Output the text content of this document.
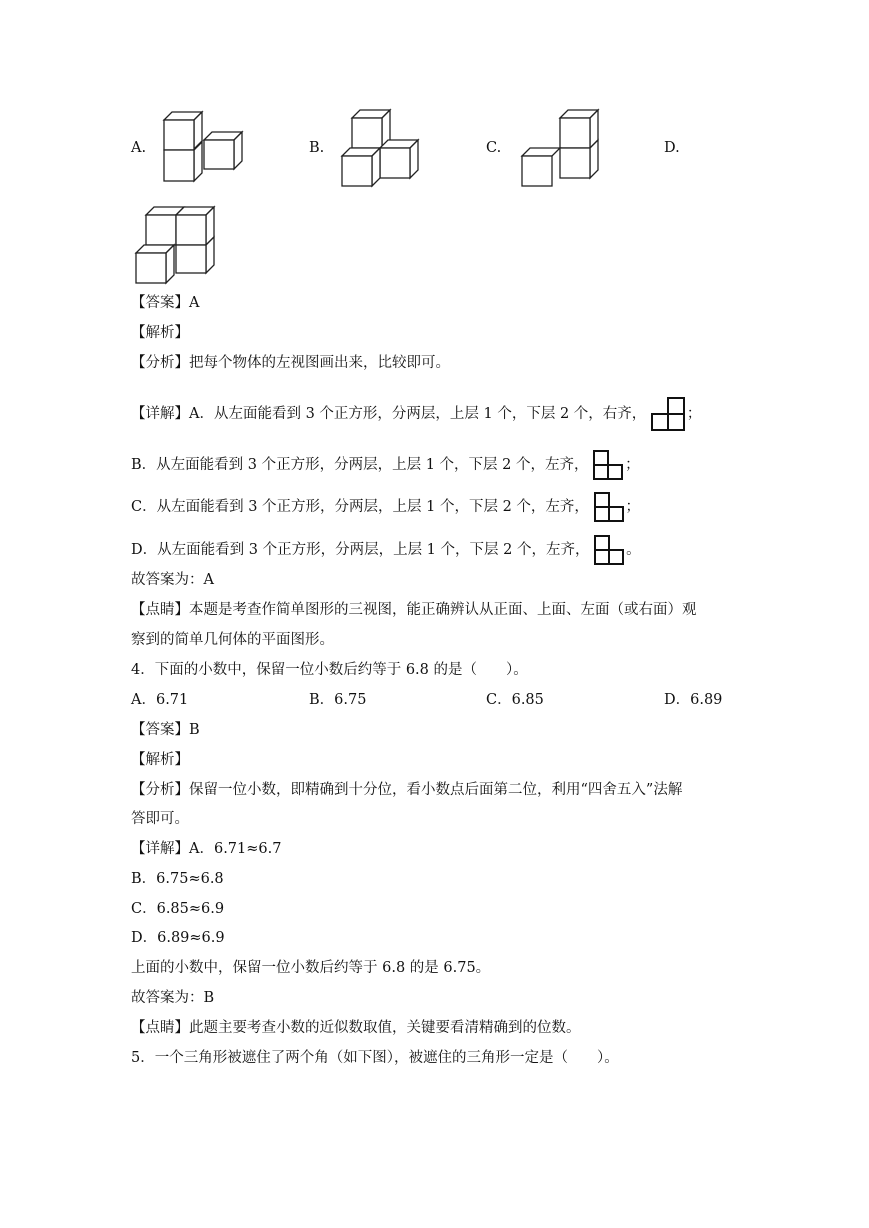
A.	B.	C.	D.
【答案】A
【解析】
【分析】把每个物体的左视图画出来，比较即可。
【详解】A．从左面能看到 3 个正方形，分两层，上层 1 个，下层 2 个，右齐，	；
B．从左面能看到 3 个正方形，分两层，上层 1 个，下层 2 个，左齐，	；
C．从左面能看到 3 个正方形，分两层，上层 1 个，下层 2 个，左齐，	；
D．从左面能看到 3 个正方形，分两层，上层 1 个，下层 2 个，左齐，	。
故答案为：A
【点睛】本题是考查作简单图形的三视图，能正确辨认从正面、上面、左面（或右面）观
察到的简单几何体的平面图形。
4．下面的小数中，保留一位小数后约等于 6.8 的是（　　）。
A．6.71	B．6.75	C．6.85	D．6.89
【答案】B
【解析】
【分析】保留一位小数，即精确到十分位，看小数点后面第二位，利用“四舍五入”法解
答即可。
【详解】A．6.71≈6.7
B．6.75≈6.8
C．6.85≈6.9
D．6.89≈6.9
上面的小数中，保留一位小数后约等于 6.8 的是 6.75。
故答案为：B
【点睛】此题主要考查小数的近似数取值，关键要看清精确到的位数。
5．一个三角形被遮住了两个角（如下图），被遮住的三角形一定是（　　）。
